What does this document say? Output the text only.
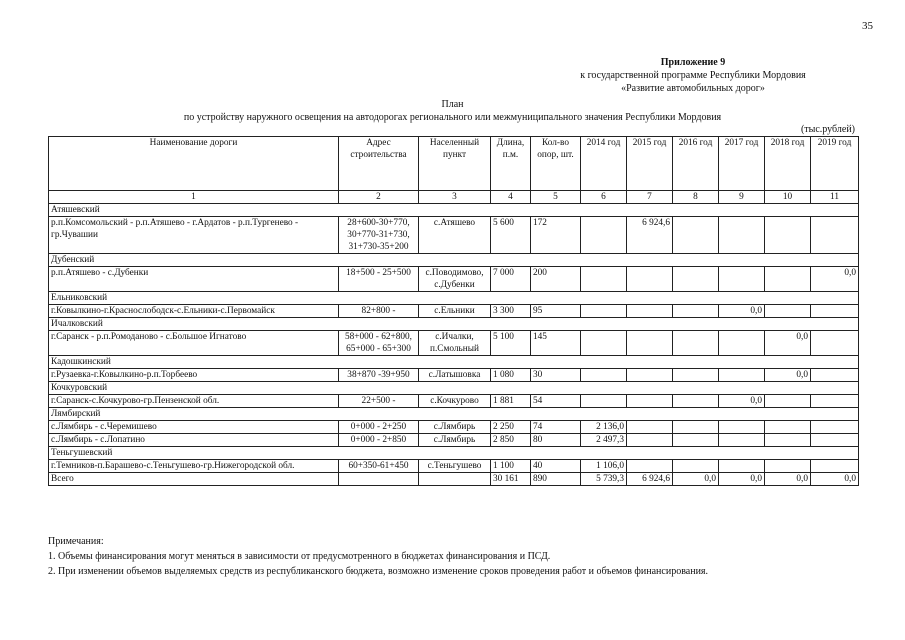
35
Приложение 9
к государственной программе Республики Мордовия
«Развитие автомобильных дорог»
План
по устройству наружного освещения на автодорогах регионального или межмуниципального значения Республики Мордовия
(тыс.рублей)
Наименование дороги	Адрес строительства	Населенный пункт	Длина, п.м.	Кол-во опор, шт.	2014 год	2015 год	2016 год	2017 год	2018 год	2019 год
1	2	3	4	5	6	7	8	9	10	11
Атяшевский										
р.п.Комсомольский - р.п.Атяшево - г.Ардатов - р.п.Тургенево - гр.Чувашии	28+600-30+770, 30+770-31+730, 31+730-35+200	с.Атяшево	5 600	172		6 924,6				
Дубенский										
р.п.Атяшево - с.Дубенки	18+500 - 25+500	с.Поводимово, с.Дубенки	7 000	200						0,0
Ельниковский										
г.Ковылкино-г.Краснослободск-с.Ельники-с.Первомайск	82+800 -	с.Ельники	3 300	95				0,0		
Ичалковский										
г.Саранск - р.п.Ромоданово - с.Большое Игнатово	58+000 - 62+800, 65+000 - 65+300	с.Ичалки, п.Смольный	5 100	145					0,0	
Кадошкинский										
г.Рузаевка-г.Ковылкино-р.п.Торбеево	38+870 -39+950	с.Латышовка	1 080	30					0,0	
Кочкуровский										
г.Саранск-с.Кочкурово-гр.Пензенской обл.	22+500 -	с.Кочкурово	1 881	54				0,0		
Лямбирский										
с.Лямбирь - с.Черемишево	0+000 - 2+250	с.Лямбирь	2 250	74	2 136,0					
с.Лямбирь - с.Лопатино	0+000 - 2+850	с.Лямбирь	2 850	80	2 497,3					
Теньгушевский										
г.Темников-п.Барашево-с.Теньгушево-гр.Нижегородской обл.	60+350-61+450	с.Теньгушево	1 100	40	1 106,0					
Всего			30 161	890	5 739,3	6 924,6	0,0	0,0	0,0	0,0
Примечания:
1. Объемы финансирования могут меняться в зависимости от предусмотренного в бюджетах финансирования и ПСД.
2. При изменении объемов выделяемых средств из республиканского бюджета, возможно изменение сроков проведения работ и объемов финансирования.
